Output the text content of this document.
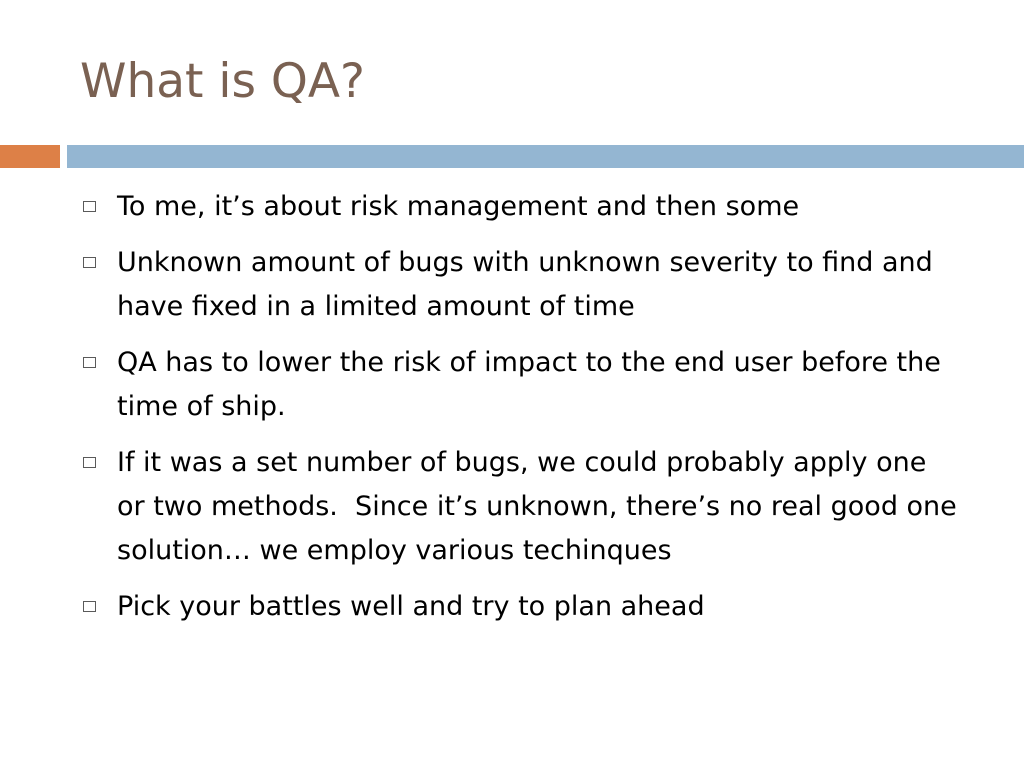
What is QA?
To me, it’s about risk management and then some
Unknown amount of bugs with unknown severity to find and have fixed in a limited amount of time
QA has to lower the risk of impact to the end user before the time of ship.
If it was a set number of bugs, we could probably apply one or two methods.  Since it’s unknown, there’s no real good one solution… we employ various techinques
Pick your battles well and try to plan ahead
